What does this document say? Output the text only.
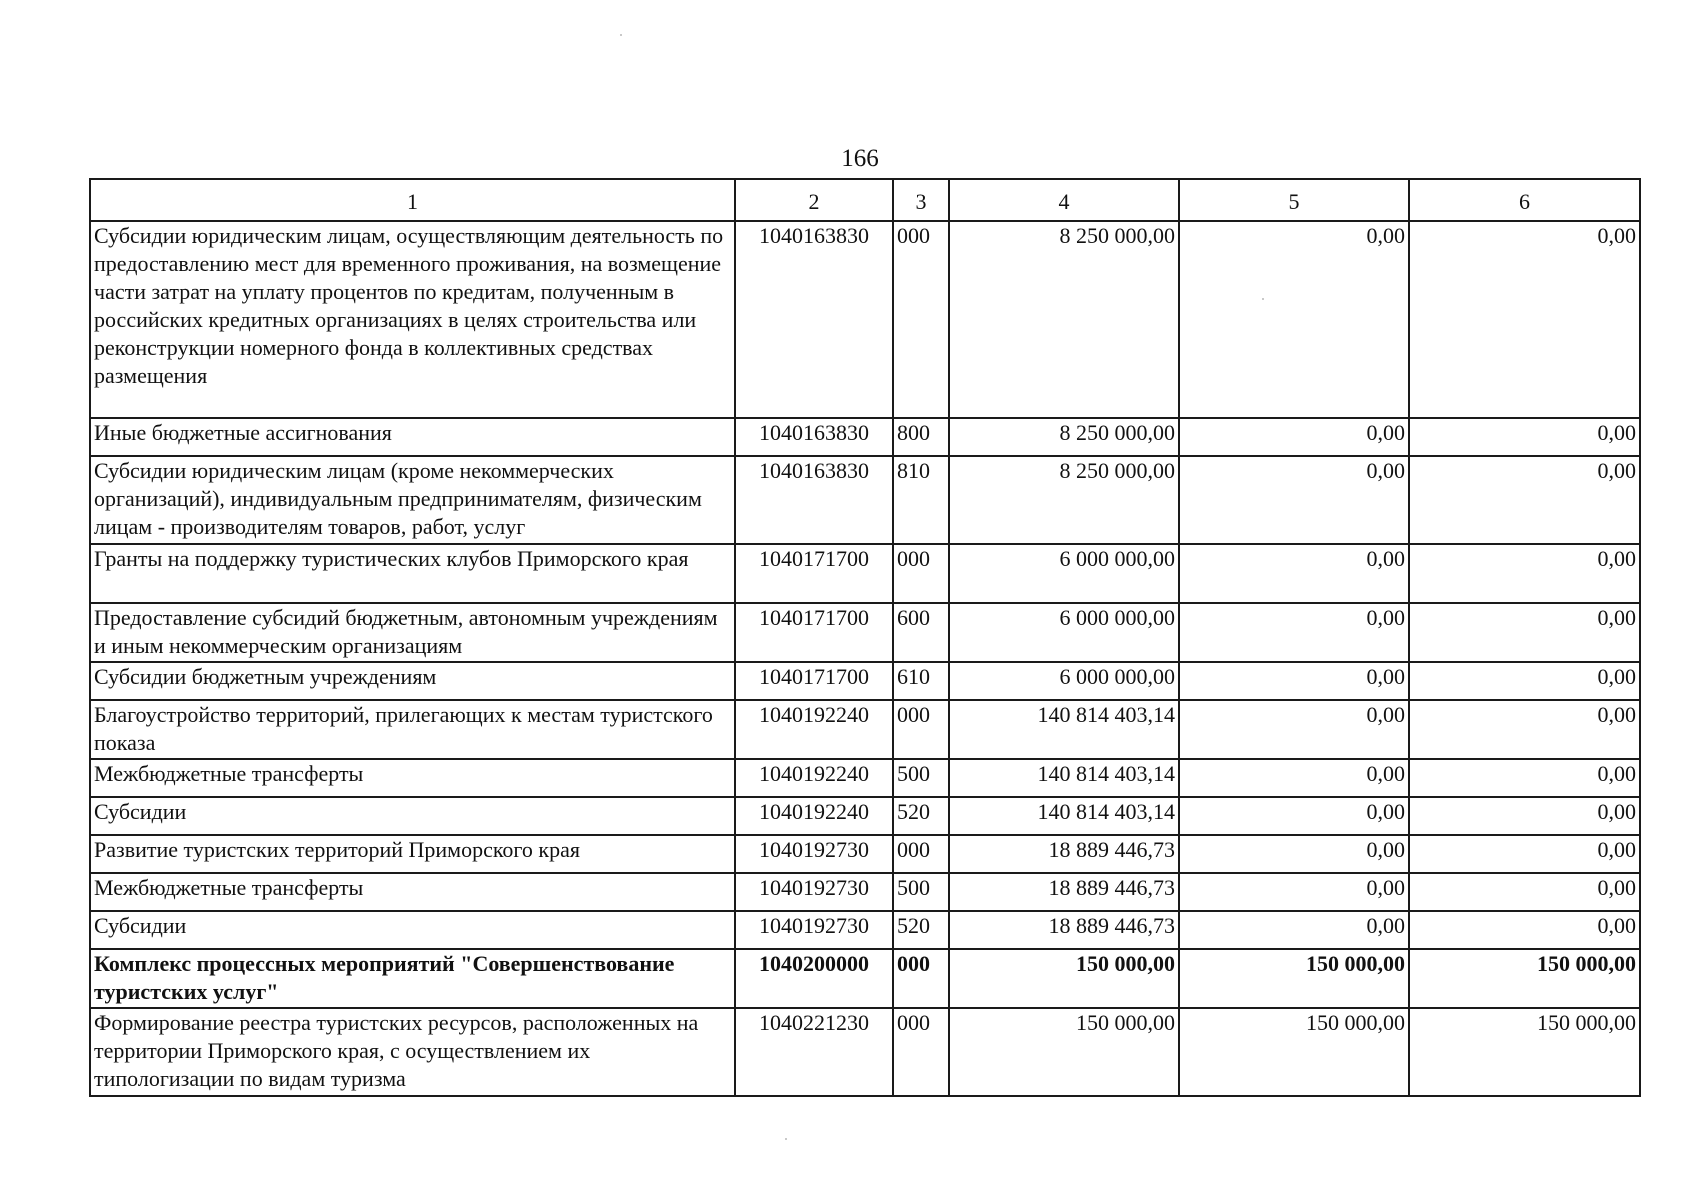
166
1	2	3	4	5	6
Субсидии юридическим лицам, осуществляющим деятельность по предоставлению мест для временного проживания, на возмещение части затрат на уплату процентов по кредитам, полученным в российских кредитных организациях в целях строительства или реконструкции номерного фонда в коллективных средствах размещения	1040163830	000	8 250 000,00	0,00	0,00
Иные бюджетные ассигнования	1040163830	800	8 250 000,00	0,00	0,00
Субсидии юридическим лицам (кроме некоммерческих организаций), индивидуальным предпринимателям, физическим лицам - производителям товаров, работ, услуг	1040163830	810	8 250 000,00	0,00	0,00
Гранты на поддержку туристических клубов Приморского края	1040171700	000	6 000 000,00	0,00	0,00
Предоставление субсидий бюджетным, автономным учреждениям и иным некоммерческим организациям	1040171700	600	6 000 000,00	0,00	0,00
Субсидии бюджетным учреждениям	1040171700	610	6 000 000,00	0,00	0,00
Благоустройство территорий, прилегающих к местам туристского показа	1040192240	000	140 814 403,14	0,00	0,00
Межбюджетные трансферты	1040192240	500	140 814 403,14	0,00	0,00
Субсидии	1040192240	520	140 814 403,14	0,00	0,00
Развитие туристских территорий Приморского края	1040192730	000	18 889 446,73	0,00	0,00
Межбюджетные трансферты	1040192730	500	18 889 446,73	0,00	0,00
Субсидии	1040192730	520	18 889 446,73	0,00	0,00
Комплекс процессных мероприятий "Совершенствование туристских услуг"	1040200000	000	150 000,00	150 000,00	150 000,00
Формирование реестра туристских ресурсов, расположенных на территории Приморского края, с осуществлением их типологизации по видам туризма	1040221230	000	150 000,00	150 000,00	150 000,00
